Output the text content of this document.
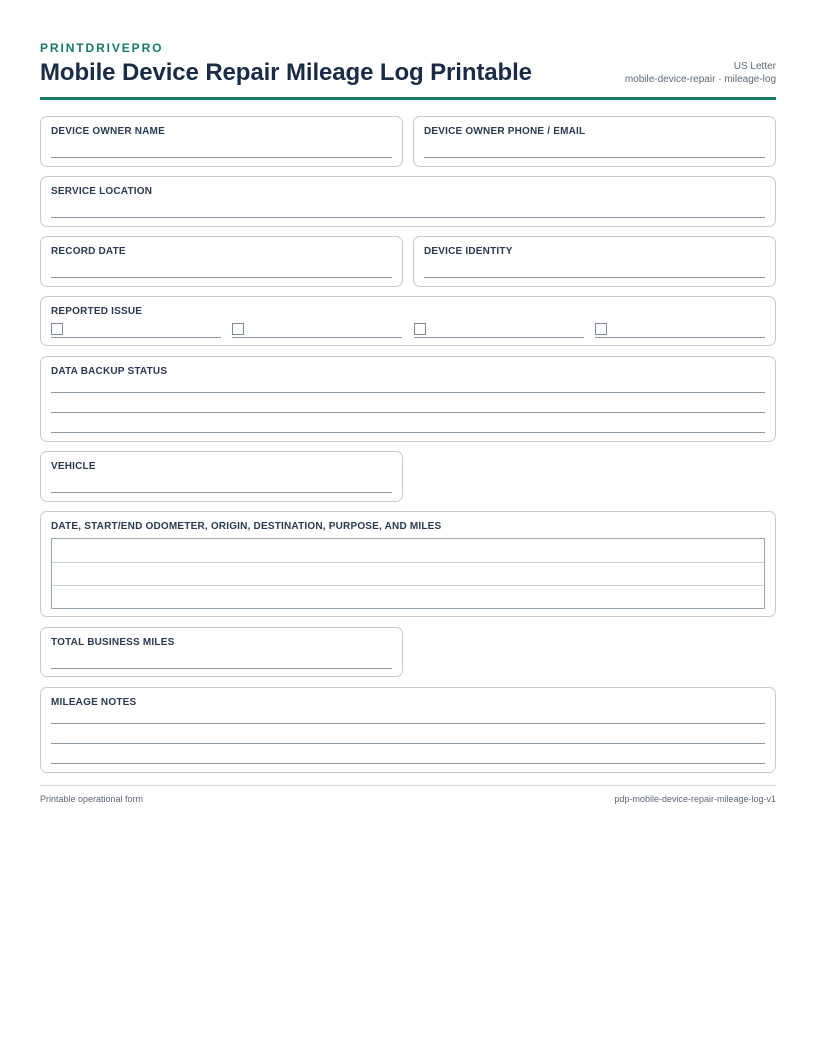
PRINTDRIVEPRO
Mobile Device Repair Mileage Log Printable	US Letter
mobile-device-repair · mileage-log
DEVICE OWNER NAME	DEVICE OWNER PHONE / EMAIL
SERVICE LOCATION
RECORD DATE	DEVICE IDENTITY
REPORTED ISSUE
DATA BACKUP STATUS
VEHICLE
DATE, START/END ODOMETER, ORIGIN, DESTINATION, PURPOSE, AND MILES
TOTAL BUSINESS MILES
MILEAGE NOTES
Printable operational form	pdp-mobile-device-repair-mileage-log-v1
